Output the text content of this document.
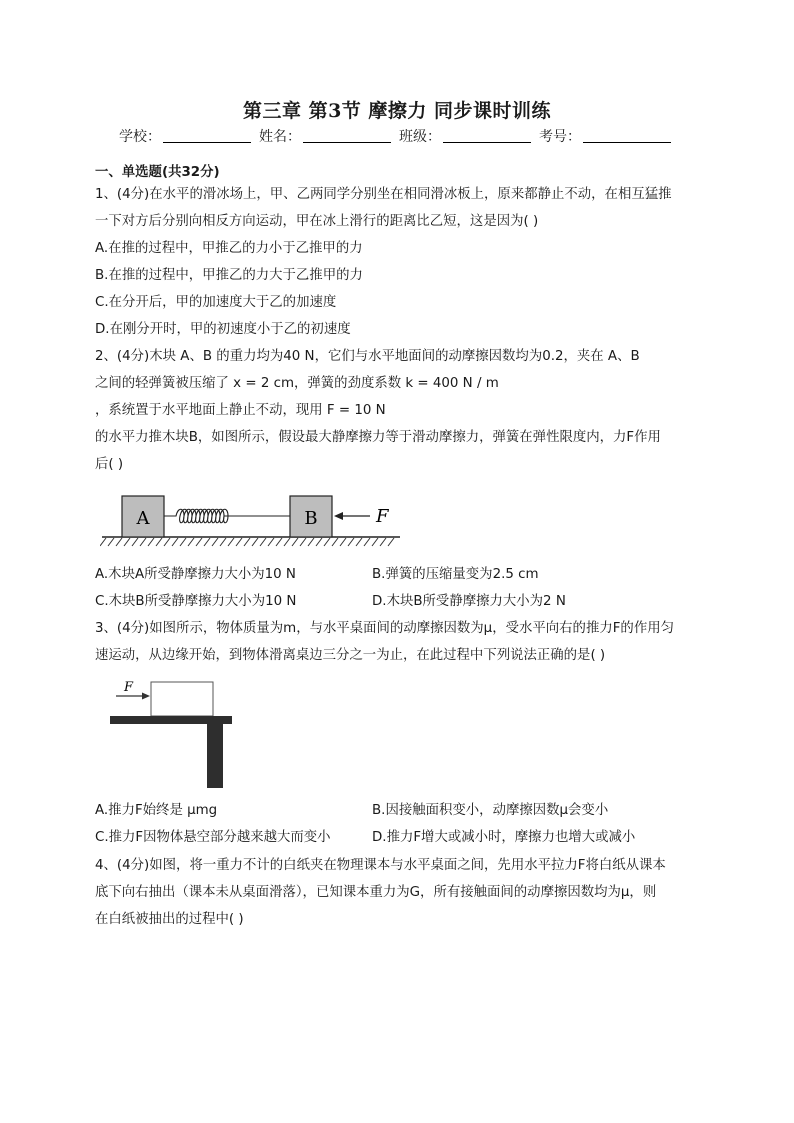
第三章 第3节 摩擦力 同步课时训练
学校：	姓名：	班级：	考号：
一、单选题(共32分)
1、(4分)在水平的滑冰场上，甲、乙两同学分别坐在相同滑冰板上，原来都静止不动，在相互猛推
一下对方后分别向相反方向运动，甲在冰上滑行的距离比乙短，这是因为( )
A.在推的过程中，甲推乙的力小于乙推甲的力
B.在推的过程中，甲推乙的力大于乙推甲的力
C.在分开后，甲的加速度大于乙的加速度
D.在刚分开时，甲的初速度小于乙的初速度
2、(4分)木块 A、B 的重力均为40 N，它们与水平地面间的动摩擦因数均为0.2，夹在 A、B
之间的轻弹簧被压缩了 x = 2 cm，弹簧的劲度系数 k = 400 N / m
，系统置于水平地面上静止不动，现用 F = 10 N
的水平力推木块B，如图所示，假设最大静摩擦力等于滑动摩擦力，弹簧在弹性限度内，力F作用
后( )
A	B	F
A.木块A所受静摩擦力大小为10 N	B.弹簧的压缩量变为2.5 cm
C.木块B所受静摩擦力大小为10 N	D.木块B所受静摩擦力大小为2 N
3、(4分)如图所示，物体质量为m，与水平桌面间的动摩擦因数为μ，受水平向右的推力F的作用匀
速运动，从边缘开始，到物体滑离桌边三分之一为止，在此过程中下列说法正确的是( )
F
A.推力F始终是 μmg	B.因接触面积变小，动摩擦因数μ会变小
C.推力F因物体悬空部分越来越大而变小	D.推力F增大或减小时，摩擦力也增大或减小
4、(4分)如图，将一重力不计的白纸夹在物理课本与水平桌面之间，先用水平拉力F将白纸从课本
底下向右抽出（课本未从桌面滑落），已知课本重力为G，所有接触面间的动摩擦因数均为μ，则
在白纸被抽出的过程中( )
